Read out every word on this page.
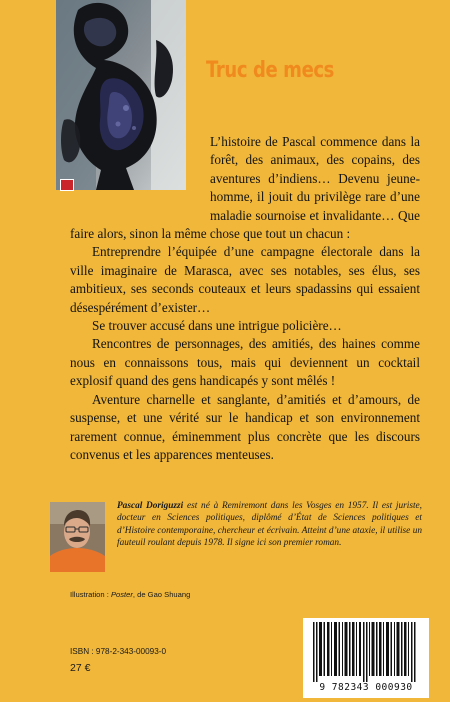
Truc de mecs

L’histoire de Pascal commence dans la forêt, des animaux, des copains, des aventures d’indiens… Devenu jeune-homme, il jouit du privilège rare d’une maladie sournoise et invalidante… Que faire alors, sinon la même chose que tout un chacun :

Entreprendre l’équipée d’une campagne électorale dans la ville imaginaire de Marasca, avec ses notables, ses élus, ses ambitieux, ses seconds couteaux et leurs spadassins qui essaient désespérément d’exister…

Se trouver accusé dans une intrigue policière…

Rencontres de personnages, des amitiés, des haines comme nous en connaissons tous, mais qui deviennent un cocktail explosif quand des gens handicapés y sont mêlés !

Aventure charnelle et sanglante, d’amitiés et d’amours, de suspense, et une vérité sur le handicap et son environnement rarement connue, éminemment plus concrète que les discours convenus et les apparences menteuses.

Pascal Doriguzzi est né à Remiremont dans les Vosges en 1957. Il est juriste, docteur en Sciences politiques, diplômé d’État de Sciences politiques et d’Histoire contemporaine, chercheur et écrivain. Atteint d’une ataxie, il utilise un fauteuil roulant depuis 1978. Il signe ici son premier roman.
Illustration : Poster, de Gao Shuang
ISBN : 978-2-343-00093-0
27 €
9 782343 000930
